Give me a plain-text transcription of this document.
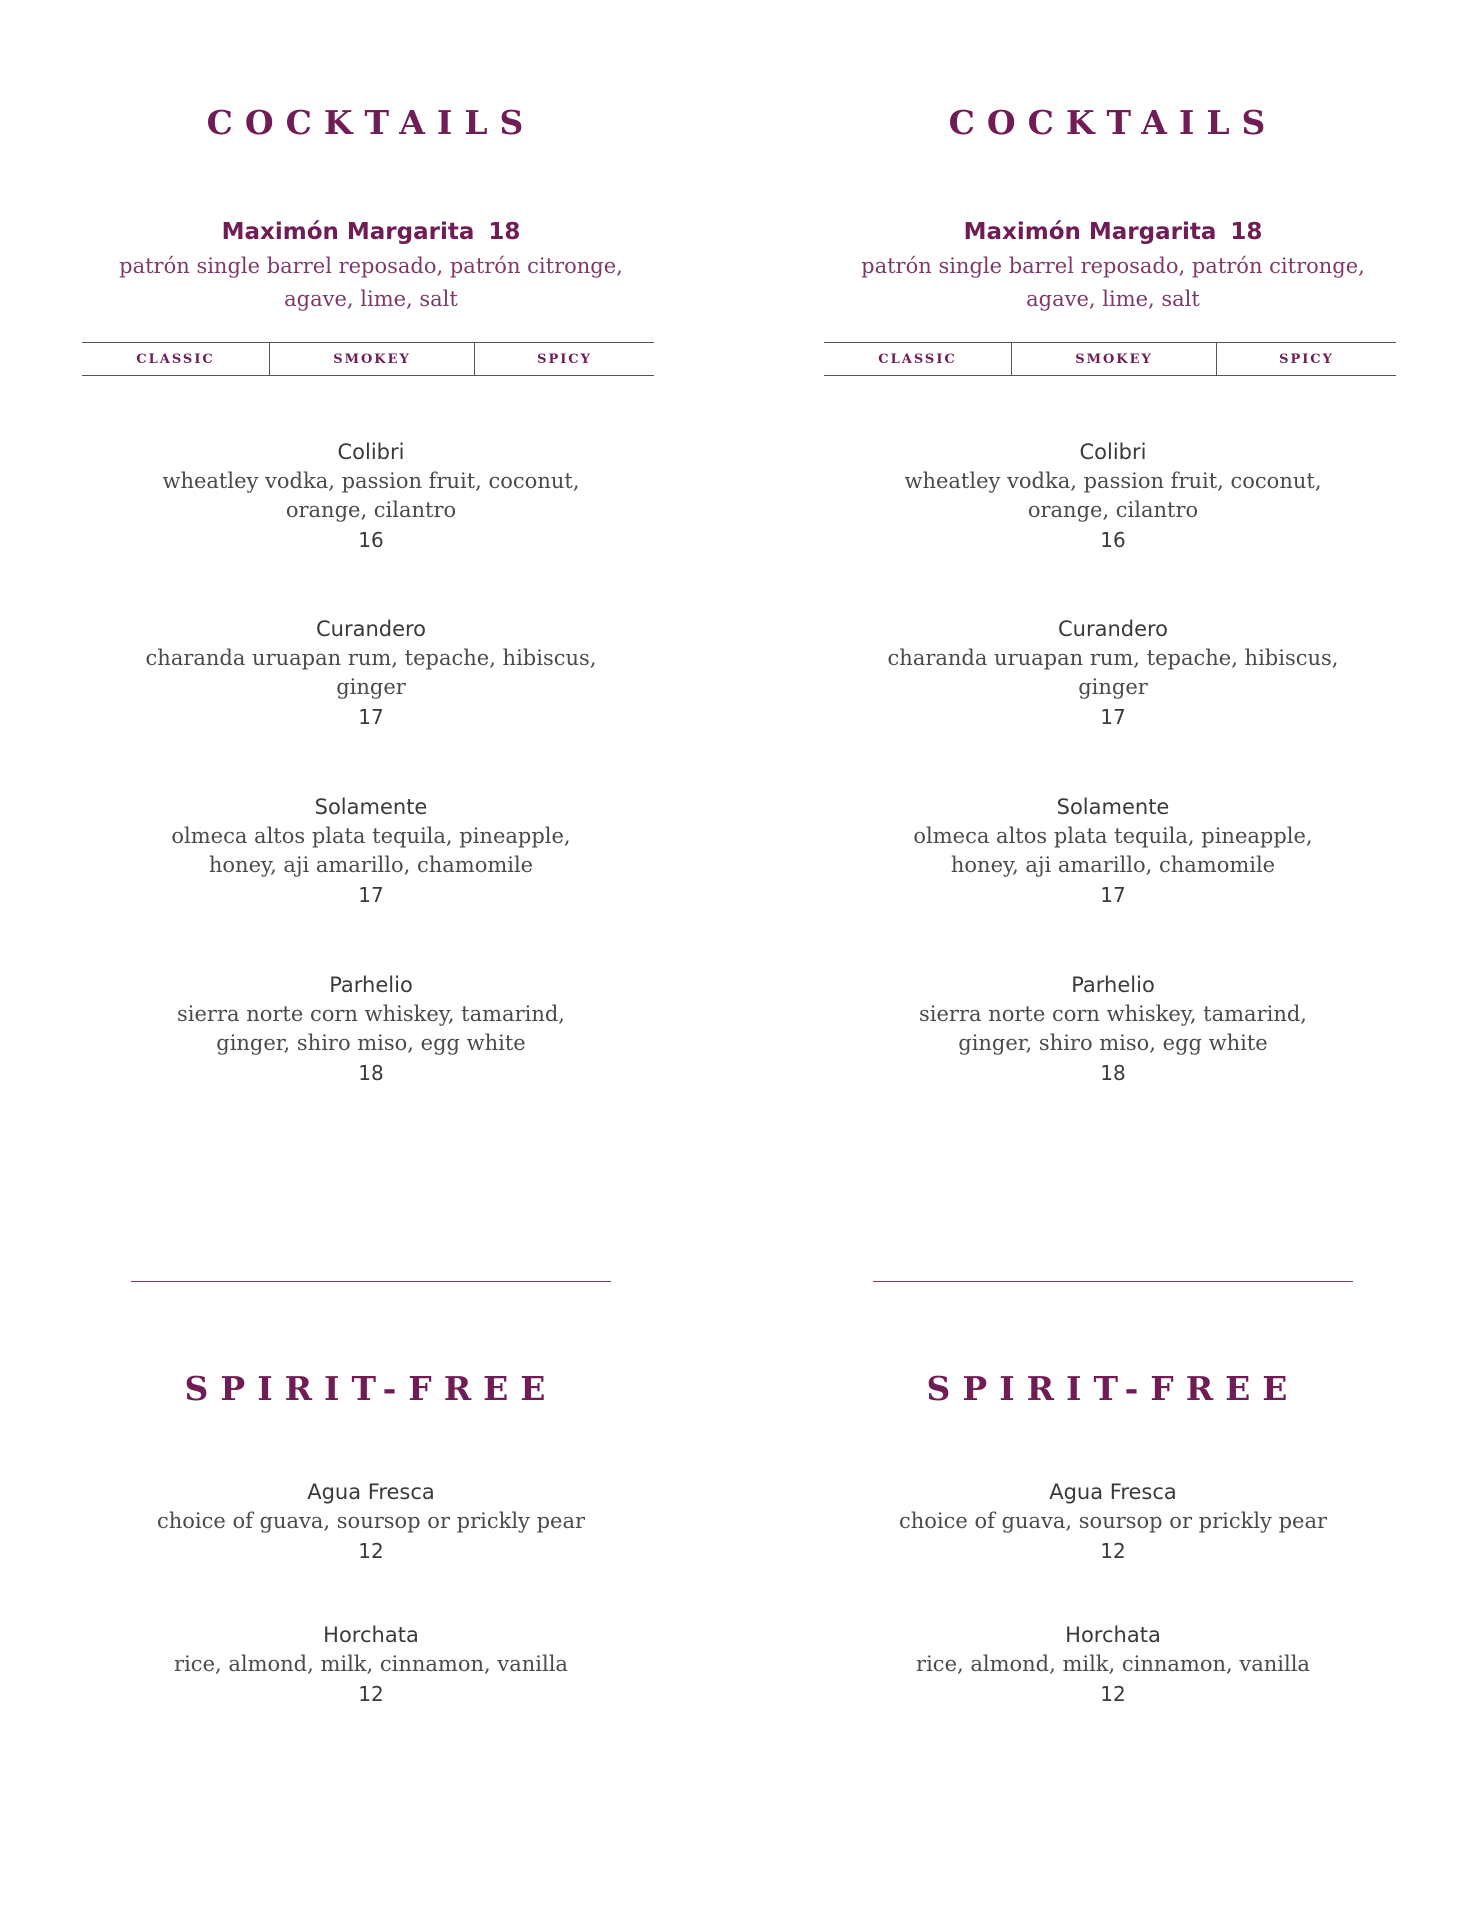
COCKTAILS
Maximón Margarita 18
patrón single barrel reposado, patrón citronge, agave, lime, salt
CLASSIC	SMOKEY	SPICY
Colibri
wheatley vodka, passion fruit, coconut, orange, cilantro
16
Curandero
charanda uruapan rum, tepache, hibiscus, ginger
17
Solamente
olmeca altos plata tequila, pineapple, honey, aji amarillo, chamomile
17
Parhelio
sierra norte corn whiskey, tamarind, ginger, shiro miso, egg white
18
SPIRIT-FREE
Agua Fresca
choice of guava, soursop or prickly pear
12
Horchata
rice, almond, milk, cinnamon, vanilla
12
COCKTAILS
Maximón Margarita 18
patrón single barrel reposado, patrón citronge, agave, lime, salt
CLASSIC	SMOKEY	SPICY
Colibri
wheatley vodka, passion fruit, coconut, orange, cilantro
16
Curandero
charanda uruapan rum, tepache, hibiscus, ginger
17
Solamente
olmeca altos plata tequila, pineapple, honey, aji amarillo, chamomile
17
Parhelio
sierra norte corn whiskey, tamarind, ginger, shiro miso, egg white
18
SPIRIT-FREE
Agua Fresca
choice of guava, soursop or prickly pear
12
Horchata
rice, almond, milk, cinnamon, vanilla
12
